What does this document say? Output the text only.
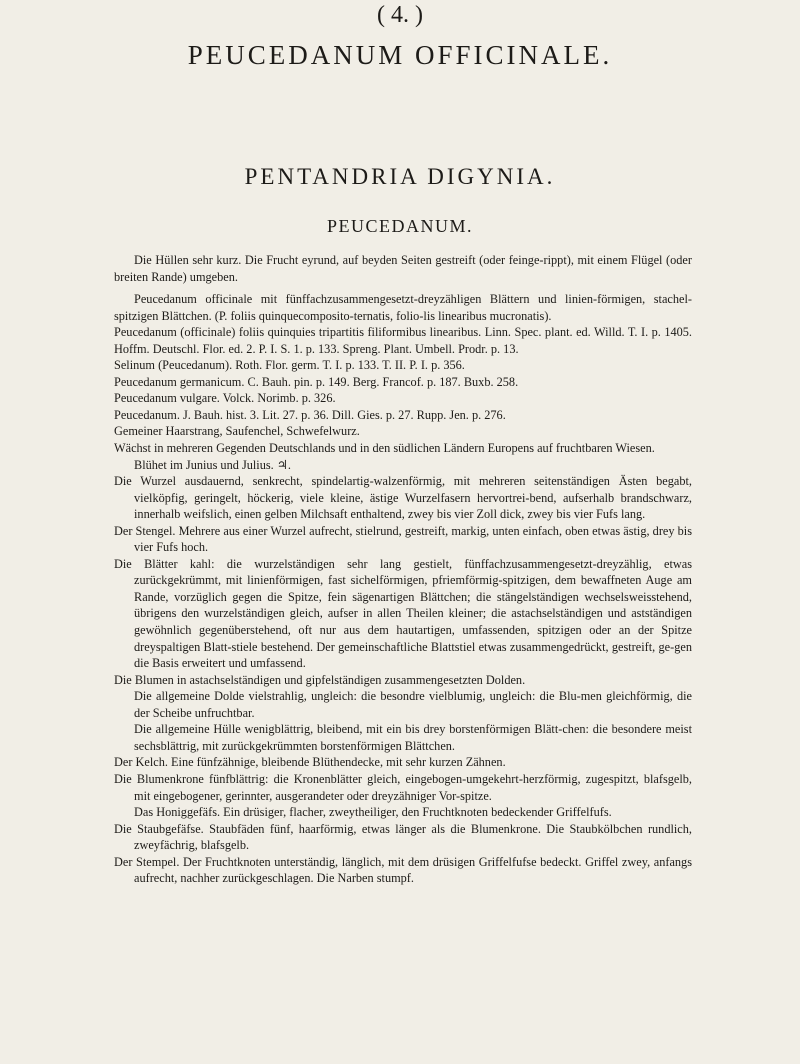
( 4. )
PEUCEDANUM OFFICINALE.
PENTANDRIA DIGYNIA.
PEUCEDANUM.

Die Hüllen sehr kurz. Die Frucht eyrund, auf beyden Seiten gestreift (oder feinge-rippt), mit einem Flügel (oder breiten Rande) umgeben.

Peucedanum officinale mit fünffachzusammengesetzt-dreyzähligen Blättern und linien-förmigen, stachel-spitzigen Blättchen. (P. foliis quinquecomposito-ternatis, folio-lis linearibus mucronatis).

Peucedanum (officinale) foliis quinquies tripartitis filiformibus linearibus. Linn. Spec. plant. ed. Willd. T. I. p. 1405. Hoffm. Deutschl. Flor. ed. 2. P. I. S. 1. p. 133. Spreng. Plant. Umbell. Prodr. p. 13.

Selinum (Peucedanum). Roth. Flor. germ. T. I. p. 133. T. II. P. I. p. 356.

Peucedanum germanicum. C. Bauh. pin. p. 149. Berg. Francof. p. 187. Buxb. 258.

Peucedanum vulgare. Volck. Norimb. p. 326.

Peucedanum. J. Bauh. hist. 3. Lit. 27. p. 36. Dill. Gies. p. 27. Rupp. Jen. p. 276.

Gemeiner Haarstrang, Saufenchel, Schwefelwurz.

Wächst in mehreren Gegenden Deutschlands und in den südlichen Ländern Europens auf fruchtbaren Wiesen.

Blühet im Junius und Julius. ♃.

Die Wurzel ausdauernd, senkrecht, spindelartig-walzenförmig, mit mehreren seitenständigen Ästen begabt, vielköpfig, geringelt, höckerig, viele kleine, ästige Wurzelfasern hervortrei-bend, aufserhalb brandschwarz, innerhalb weifslich, einen gelben Milchsaft enthaltend, zwey bis vier Zoll dick, zwey bis vier Fufs lang.

Der Stengel. Mehrere aus einer Wurzel aufrecht, stielrund, gestreift, markig, unten einfach, oben etwas ästig, drey bis vier Fufs hoch.

Die Blätter kahl: die wurzelständigen sehr lang gestielt, fünffachzusammengesetzt-dreyzählig, etwas zurückgekrümmt, mit linienförmigen, fast sichelförmigen, pfriemförmig-spitzigen, dem bewaffneten Auge am Rande, vorzüglich gegen die Spitze, fein sägenartigen Blättchen; die stängelständigen wechselsweisstehend, übrigens den wurzelständigen gleich, aufser in allen Theilen kleiner; die astachselständigen und astständigen gewöhnlich gegenüberstehend, oft nur aus dem hautartigen, umfassenden, spitzigen oder an der Spitze dreyspaltigen Blatt-stiele bestehend. Der gemeinschaftliche Blattstiel etwas zusammengedrückt, gestreift, ge-gen die Basis erweitert und umfassend.

Die Blumen in astachselständigen und gipfelständigen zusammengesetzten Dolden.

Die allgemeine Dolde vielstrahlig, ungleich: die besondre vielblumig, ungleich: die Blu-men gleichförmig, die der Scheibe unfruchtbar.

Die allgemeine Hülle wenigblättrig, bleibend, mit ein bis drey borstenförmigen Blätt-chen: die besondere meist sechsblättrig, mit zurückgekrümmten borstenförmigen Blättchen.

Der Kelch. Eine fünfzähnige, bleibende Blüthendecke, mit sehr kurzen Zähnen.

Die Blumenkrone fünfblättrig: die Kronenblätter gleich, eingebogen-umgekehrt-herzförmig, zugespitzt, blafsgelb, mit eingebogener, gerinnter, ausgerandeter oder dreyzähniger Vor-spitze.

Das Honiggefäfs. Ein drüsiger, flacher, zweytheiliger, den Fruchtknoten bedeckender Griffelfufs.

Die Staubgefäfse. Staubfäden fünf, haarförmig, etwas länger als die Blumenkrone. Die Staubkölbchen rundlich, zweyfächrig, blafsgelb.

Der Stempel. Der Fruchtknoten unterständig, länglich, mit dem drüsigen Griffelfufse bedeckt. Griffel zwey, anfangs aufrecht, nachher zurückgeschlagen. Die Narben stumpf.
